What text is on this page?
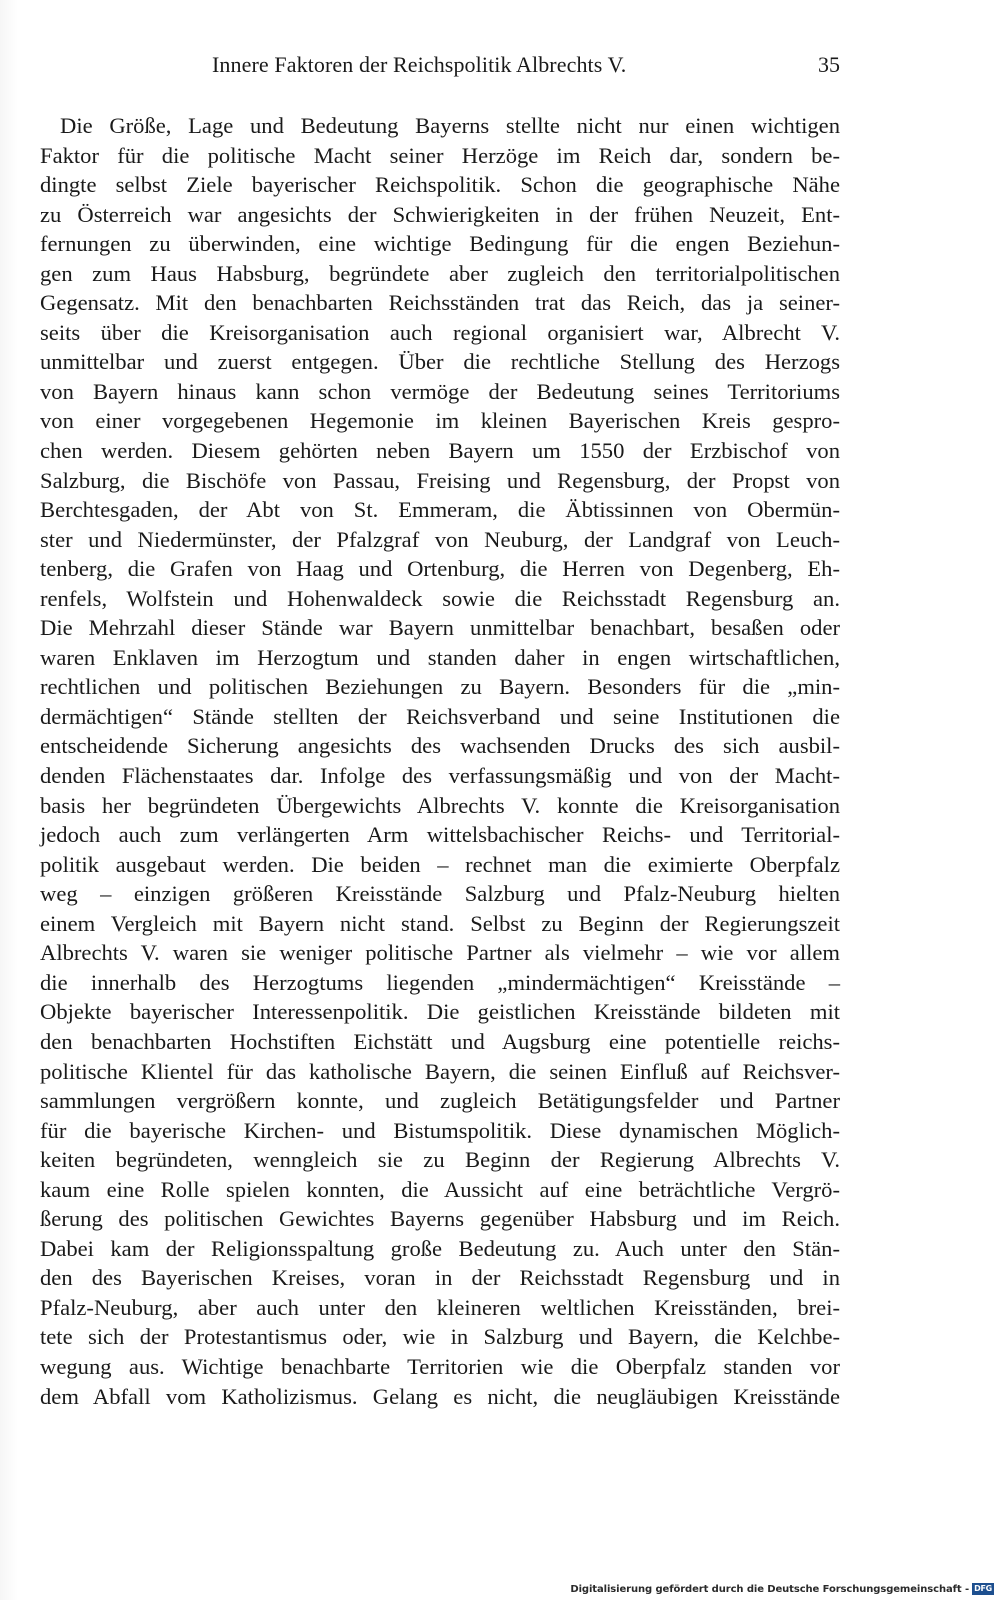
Innere Faktoren der Reichspolitik Albrechts V.	35
Die Größe, Lage und Bedeutung Bayerns stellte nicht nur einen wichtigen
Faktor für die politische Macht seiner Herzöge im Reich dar, sondern be-
dingte selbst Ziele bayerischer Reichspolitik. Schon die geographische Nähe
zu Österreich war angesichts der Schwierigkeiten in der frühen Neuzeit, Ent-
fernungen zu überwinden, eine wichtige Bedingung für die engen Beziehun-
gen zum Haus Habsburg, begründete aber zugleich den territorialpolitischen
Gegensatz. Mit den benachbarten Reichsständen trat das Reich, das ja seiner-
seits über die Kreisorganisation auch regional organisiert war, Albrecht V.
unmittelbar und zuerst entgegen. Über die rechtliche Stellung des Herzogs
von Bayern hinaus kann schon vermöge der Bedeutung seines Territoriums
von einer vorgegebenen Hegemonie im kleinen Bayerischen Kreis gespro-
chen werden. Diesem gehörten neben Bayern um 1550 der Erzbischof von
Salzburg, die Bischöfe von Passau, Freising und Regensburg, der Propst von
Berchtesgaden, der Abt von St. Emmeram, die Äbtissinnen von Obermün-
ster und Niedermünster, der Pfalzgraf von Neuburg, der Landgraf von Leuch-
tenberg, die Grafen von Haag und Ortenburg, die Herren von Degenberg, Eh-
renfels, Wolfstein und Hohenwaldeck sowie die Reichsstadt Regensburg an.
Die Mehrzahl dieser Stände war Bayern unmittelbar benachbart, besaßen oder
waren Enklaven im Herzogtum und standen daher in engen wirtschaftlichen,
rechtlichen und politischen Beziehungen zu Bayern. Besonders für die „min-
dermächtigen“ Stände stellten der Reichsverband und seine Institutionen die
entscheidende Sicherung angesichts des wachsenden Drucks des sich ausbil-
denden Flächenstaates dar. Infolge des verfassungsmäßig und von der Macht-
basis her begründeten Übergewichts Albrechts V. konnte die Kreisorganisation
jedoch auch zum verlängerten Arm wittelsbachischer Reichs- und Territorial-
politik ausgebaut werden. Die beiden – rechnet man die eximierte Oberpfalz
weg – einzigen größeren Kreisstände Salzburg und Pfalz-Neuburg hielten
einem Vergleich mit Bayern nicht stand. Selbst zu Beginn der Regierungszeit
Albrechts V. waren sie weniger politische Partner als vielmehr – wie vor allem
die innerhalb des Herzogtums liegenden „mindermächtigen“ Kreisstände –
Objekte bayerischer Interessenpolitik. Die geistlichen Kreisstände bildeten mit
den benachbarten Hochstiften Eichstätt und Augsburg eine potentielle reichs-
politische Klientel für das katholische Bayern, die seinen Einfluß auf Reichsver-
sammlungen vergrößern konnte, und zugleich Betätigungsfelder und Partner
für die bayerische Kirchen- und Bistumspolitik. Diese dynamischen Möglich-
keiten begründeten, wenngleich sie zu Beginn der Regierung Albrechts V.
kaum eine Rolle spielen konnten, die Aussicht auf eine beträchtliche Vergrö-
ßerung des politischen Gewichtes Bayerns gegenüber Habsburg und im Reich.
Dabei kam der Religionsspaltung große Bedeutung zu. Auch unter den Stän-
den des Bayerischen Kreises, voran in der Reichsstadt Regensburg und in
Pfalz-Neuburg, aber auch unter den kleineren weltlichen Kreisständen, brei-
tete sich der Protestantismus oder, wie in Salzburg und Bayern, die Kelchbe-
wegung aus. Wichtige benachbarte Territorien wie die Oberpfalz standen vor
dem Abfall vom Katholizismus. Gelang es nicht, die neugläubigen Kreisstände
Digitalisierung gefördert durch die Deutsche Forschungsgemeinschaft - DFG
